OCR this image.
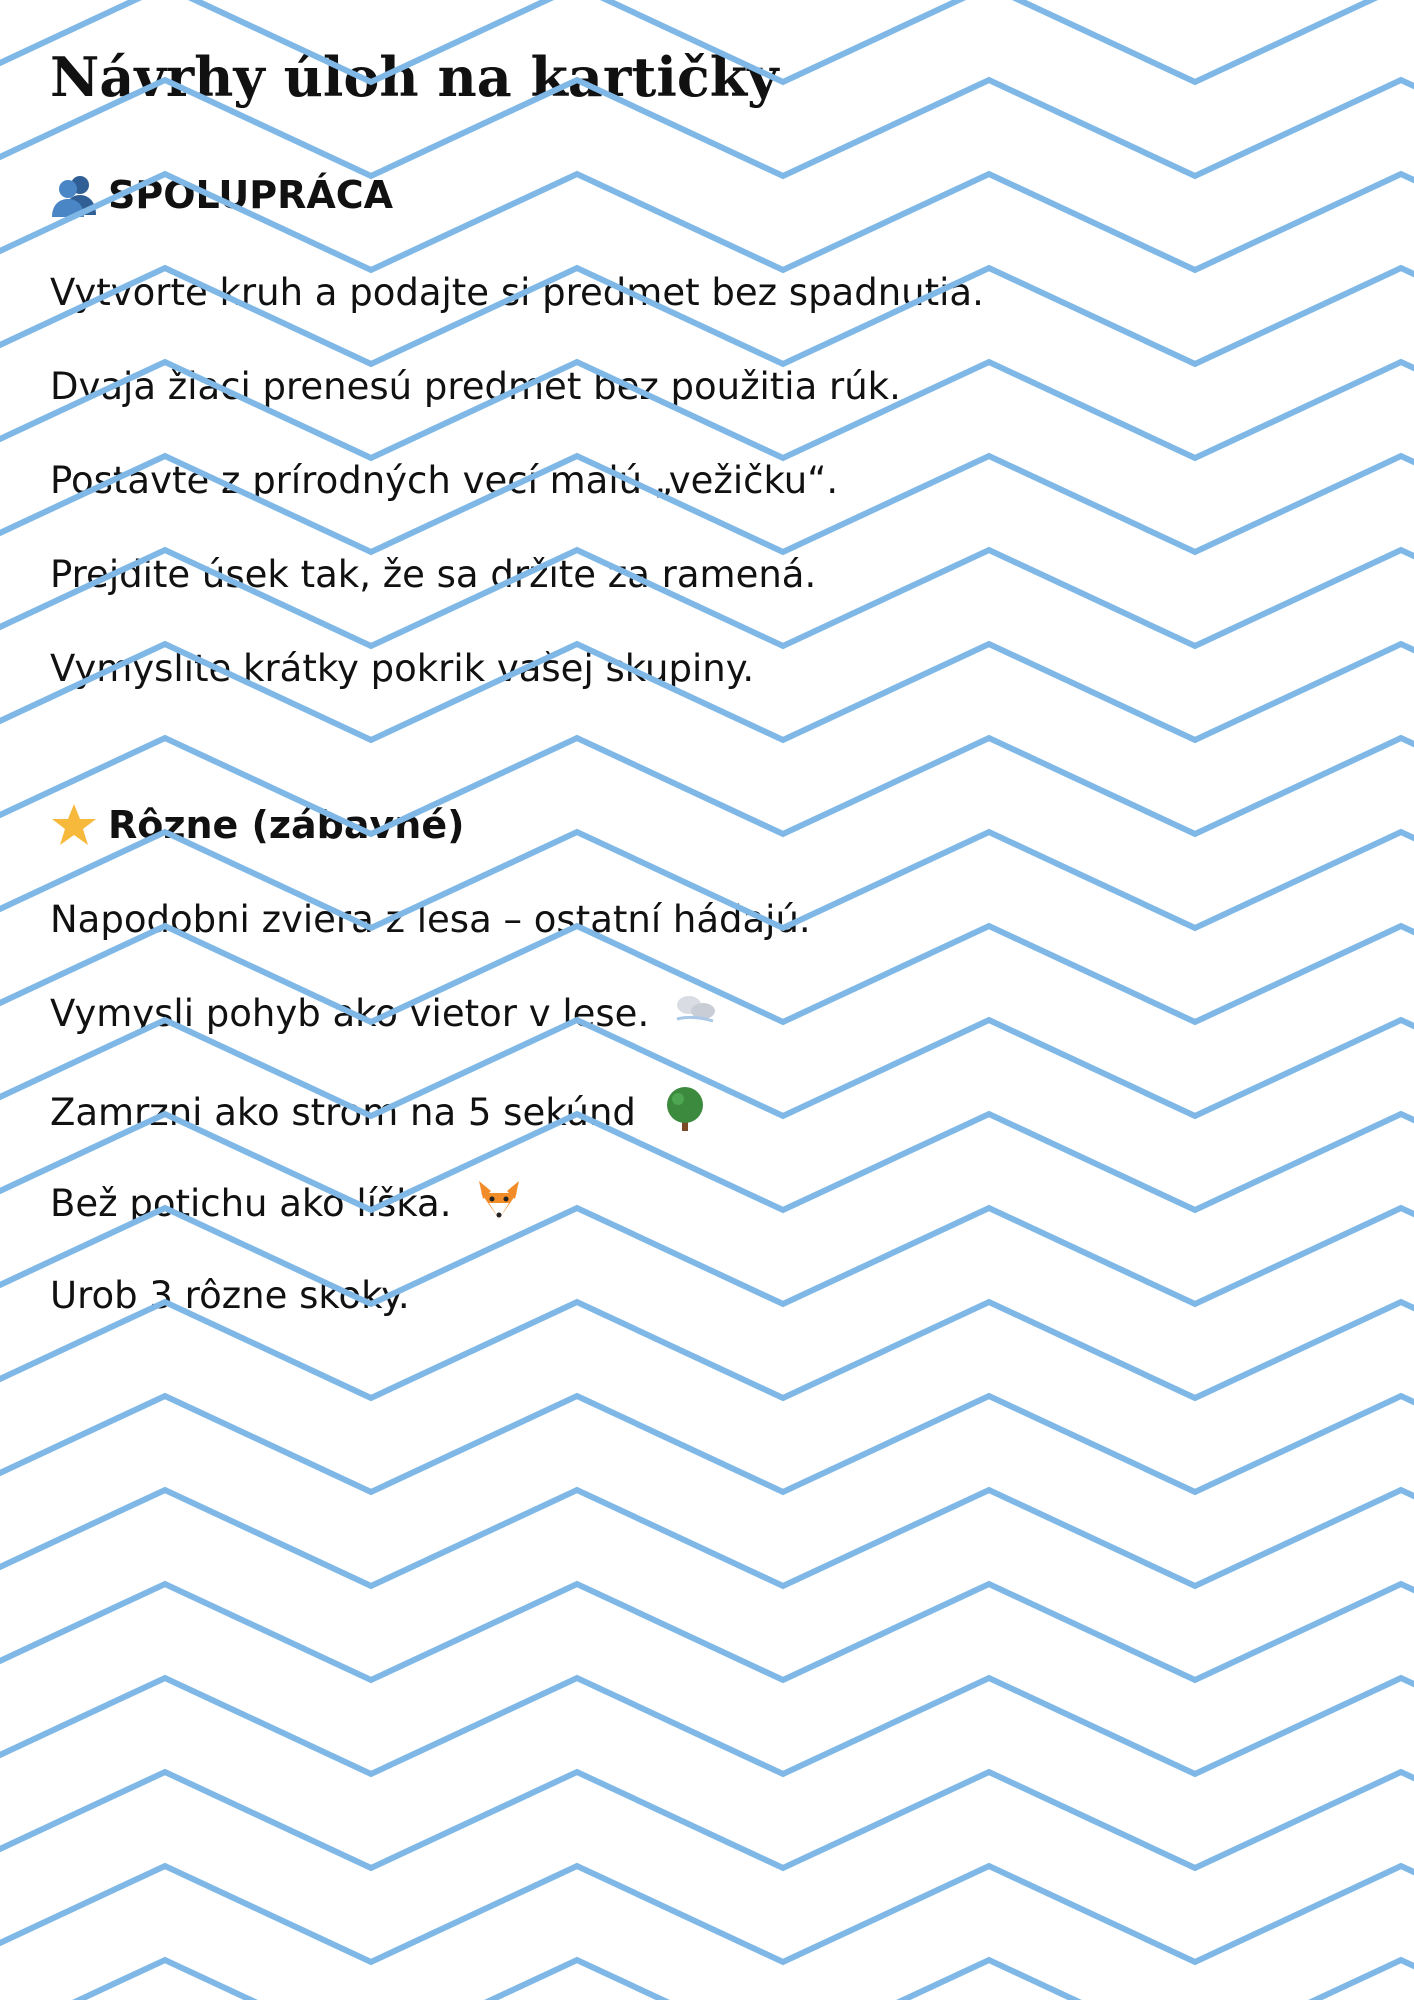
Návrhy úloh na kartičky
SPOLUPRÁCA
Vytvorte kruh a podajte si predmet bez spadnutia.
Dvaja žiaci prenesú predmet bez použitia rúk.
Postavte z prírodných vecí malú „vežičku“.
Prejdite úsek tak, že sa držíte za ramená.
Vymyslite krátky pokrik vašej skupiny.
Rôzne (zábavné)
Napodobni zviera z lesa – ostatní hádajú.
Vymysli pohyb ako vietor v lese.
Zamrzni ako strom na 5 sekúnd
Bež potichu ako líška.
Urob 3 rôzne skoky.
